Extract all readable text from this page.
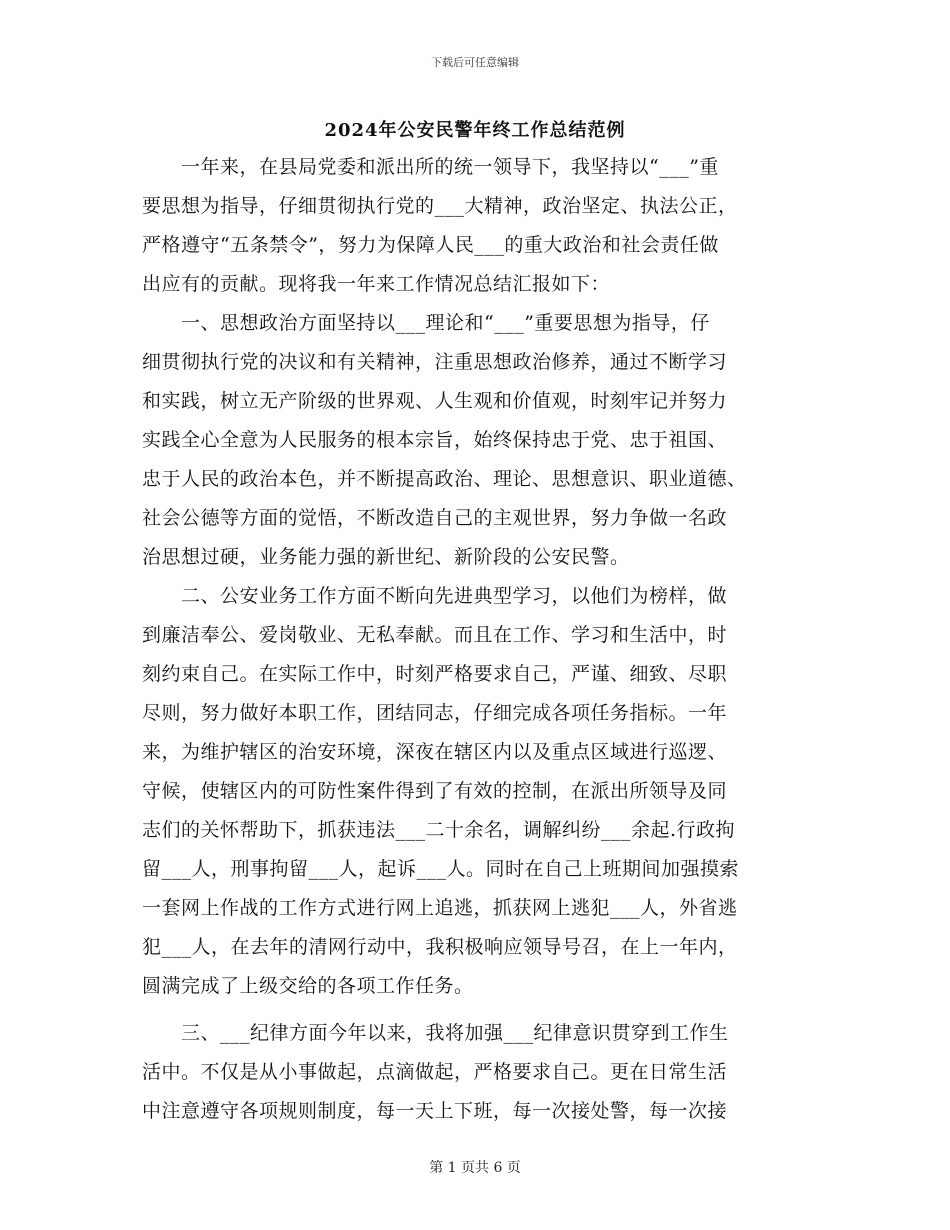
下载后可任意编辑
2024年公安民警年终工作总结范例
　　一年来，在县局党委和派出所的统一领导下，我坚持以“___”重
要思想为指导，仔细贯彻执行党的___大精神，政治坚定、执法公正，
严格遵守“五条禁令”，努力为保障人民___的重大政治和社会责任做
出应有的贡献。现将我一年来工作情况总结汇报如下：
　　一、思想政治方面坚持以___理论和“___”重要思想为指导，仔
细贯彻执行党的决议和有关精神，注重思想政治修养，通过不断学习
和实践，树立无产阶级的世界观、人生观和价值观，时刻牢记并努力
实践全心全意为人民服务的根本宗旨，始终保持忠于党、忠于祖国、
忠于人民的政治本色，并不断提高政治、理论、思想意识、职业道德、
社会公德等方面的觉悟，不断改造自己的主观世界，努力争做一名政
治思想过硬，业务能力强的新世纪、新阶段的公安民警。
　　二、公安业务工作方面不断向先进典型学习，以他们为榜样，做
到廉洁奉公、爱岗敬业、无私奉献。而且在工作、学习和生活中，时
刻约束自己。在实际工作中，时刻严格要求自己，严谨、细致、尽职
尽则，努力做好本职工作，团结同志，仔细完成各项任务指标。一年
来，为维护辖区的治安环境，深夜在辖区内以及重点区域进行巡逻、
守候，使辖区内的可防性案件得到了有效的控制，在派出所领导及同
志们的关怀帮助下，抓获违法___二十余名，调解纠纷___余起.行政拘
留___人，刑事拘留___人，起诉___人。同时在自己上班期间加强摸索
一套网上作战的工作方式进行网上追逃，抓获网上逃犯___人，外省逃
犯___人，在去年的清网行动中，我积极响应领导号召，在上一年内，
圆满完成了上级交给的各项工作任务。
　　三、___纪律方面今年以来，我将加强___纪律意识贯穿到工作生
活中。不仅是从小事做起，点滴做起，严格要求自己。更在日常生活
中注意遵守各项规则制度，每一天上下班，每一次接处警，每一次接
第 1 页共 6 页
